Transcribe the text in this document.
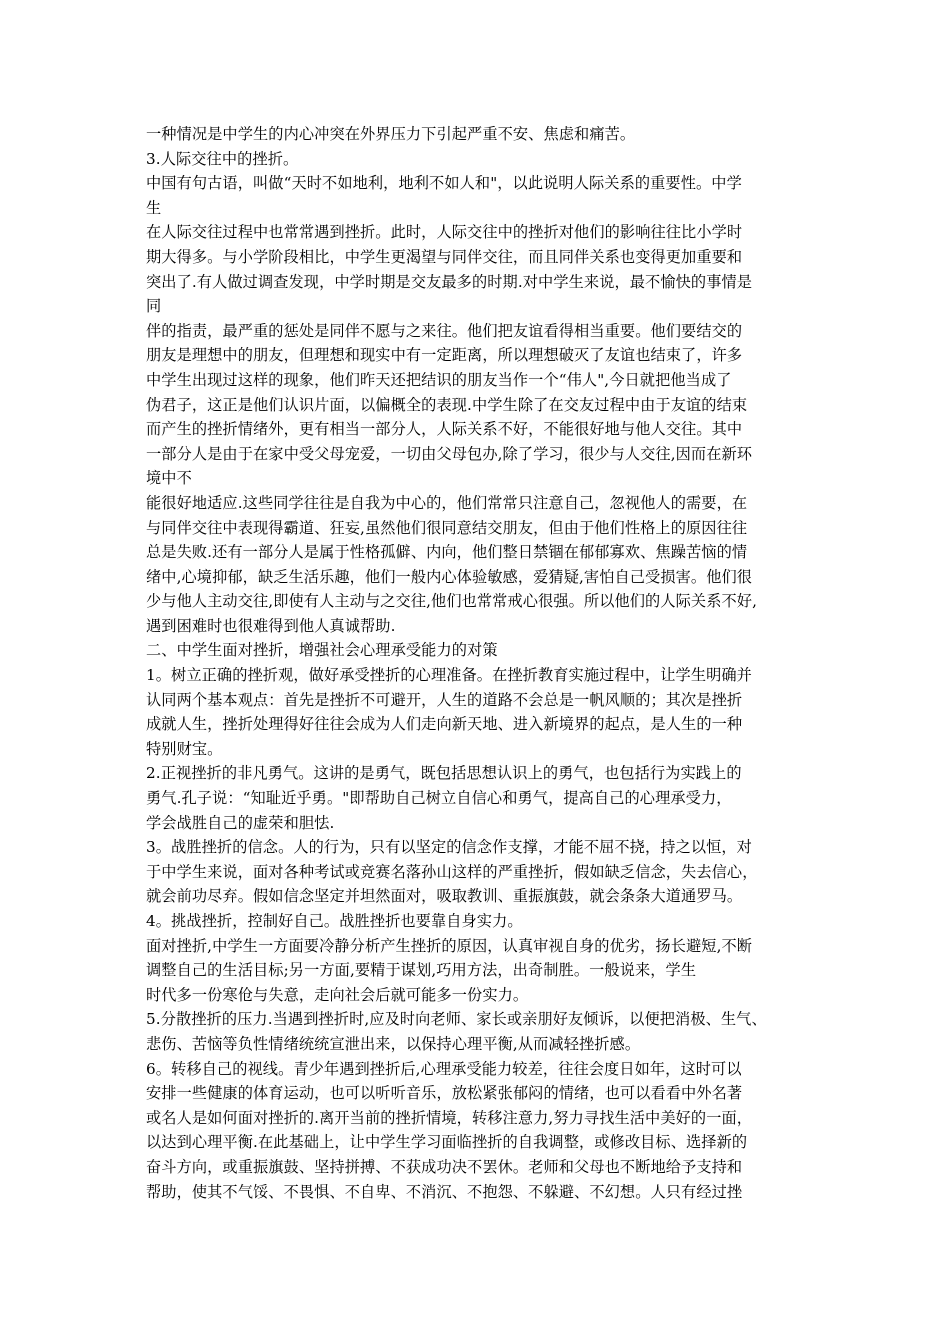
一种情况是中学生的内心冲突在外界压力下引起严重不安、焦虑和痛苦。
3.人际交往中的挫折。
中国有句古语，叫做“天时不如地利，地利不如人和"，以此说明人际关系的重要性。中学
生
在人际交往过程中也常常遇到挫折。此时，人际交往中的挫折对他们的影响往往比小学时
期大得多。与小学阶段相比，中学生更渴望与同伴交往，而且同伴关系也变得更加重要和
突出了.有人做过调查发现，中学时期是交友最多的时期.对中学生来说，最不愉快的事情是
同
伴的指责，最严重的惩处是同伴不愿与之来往。他们把友谊看得相当重要。他们要结交的
朋友是理想中的朋友，但理想和现实中有一定距离，所以理想破灭了友谊也结束了，许多
中学生出现过这样的现象，他们昨天还把结识的朋友当作一个“伟人",今日就把他当成了
伪君子，这正是他们认识片面，以偏概全的表现.中学生除了在交友过程中由于友谊的结束
而产生的挫折情绪外，更有相当一部分人，人际关系不好，不能很好地与他人交往。其中
一部分人是由于在家中受父母宠爱，一切由父母包办,除了学习，很少与人交往,因而在新环
境中不
能很好地适应.这些同学往往是自我为中心的，他们常常只注意自己，忽视他人的需要，在
与同伴交往中表现得霸道、狂妄,虽然他们很同意结交朋友，但由于他们性格上的原因往往
总是失败.还有一部分人是属于性格孤僻、内向，他们整日禁锢在郁郁寡欢、焦躁苦恼的情
绪中,心境抑郁，缺乏生活乐趣，他们一般内心体验敏感，爱猜疑,害怕自己受损害。他们很
少与他人主动交往,即使有人主动与之交往,他们也常常戒心很强。所以他们的人际关系不好,
遇到困难时也很难得到他人真诚帮助.
二、中学生面对挫折，增强社会心理承受能力的对策
1。树立正确的挫折观，做好承受挫折的心理准备。在挫折教育实施过程中，让学生明确并
认同两个基本观点：首先是挫折不可避开，人生的道路不会总是一帆风顺的；其次是挫折
成就人生，挫折处理得好往往会成为人们走向新天地、进入新境界的起点，是人生的一种
特别财宝。
2.正视挫折的非凡勇气。这讲的是勇气，既包括思想认识上的勇气，也包括行为实践上的
勇气.孔子说：“知耻近乎勇。"即帮助自己树立自信心和勇气，提高自己的心理承受力，
学会战胜自己的虚荣和胆怯.
3。战胜挫折的信念。人的行为，只有以坚定的信念作支撑，才能不屈不挠，持之以恒，对
于中学生来说，面对各种考试或竞赛名落孙山这样的严重挫折，假如缺乏信念，失去信心，
就会前功尽弃。假如信念坚定并坦然面对，吸取教训、重振旗鼓，就会条条大道通罗马。
4。挑战挫折，控制好自己。战胜挫折也要靠自身实力。
面对挫折,中学生一方面要冷静分析产生挫折的原因，认真审视自身的优劣，扬长避短,不断
调整自己的生活目标;另一方面,要精于谋划,巧用方法，出奇制胜。一般说来，学生
时代多一份寒伧与失意，走向社会后就可能多一份实力。
5.分散挫折的压力.当遇到挫折时,应及时向老师、家长或亲朋好友倾诉，以便把消极、生气、
悲伤、苦恼等负性情绪统统宣泄出来，以保持心理平衡,从而减轻挫折感。
6。转移自己的视线。青少年遇到挫折后,心理承受能力较差，往往会度日如年，这时可以
安排一些健康的体育运动，也可以听听音乐，放松紧张郁闷的情绪，也可以看看中外名著
或名人是如何面对挫折的.离开当前的挫折情境，转移注意力,努力寻找生活中美好的一面，
以达到心理平衡.在此基础上，让中学生学习面临挫折的自我调整，或修改目标、选择新的
奋斗方向，或重振旗鼓、坚持拼搏、不获成功决不罢休。老师和父母也不断地给予支持和
帮助，使其不气馁、不畏惧、不自卑、不消沉、不抱怨、不躲避、不幻想。人只有经过挫
